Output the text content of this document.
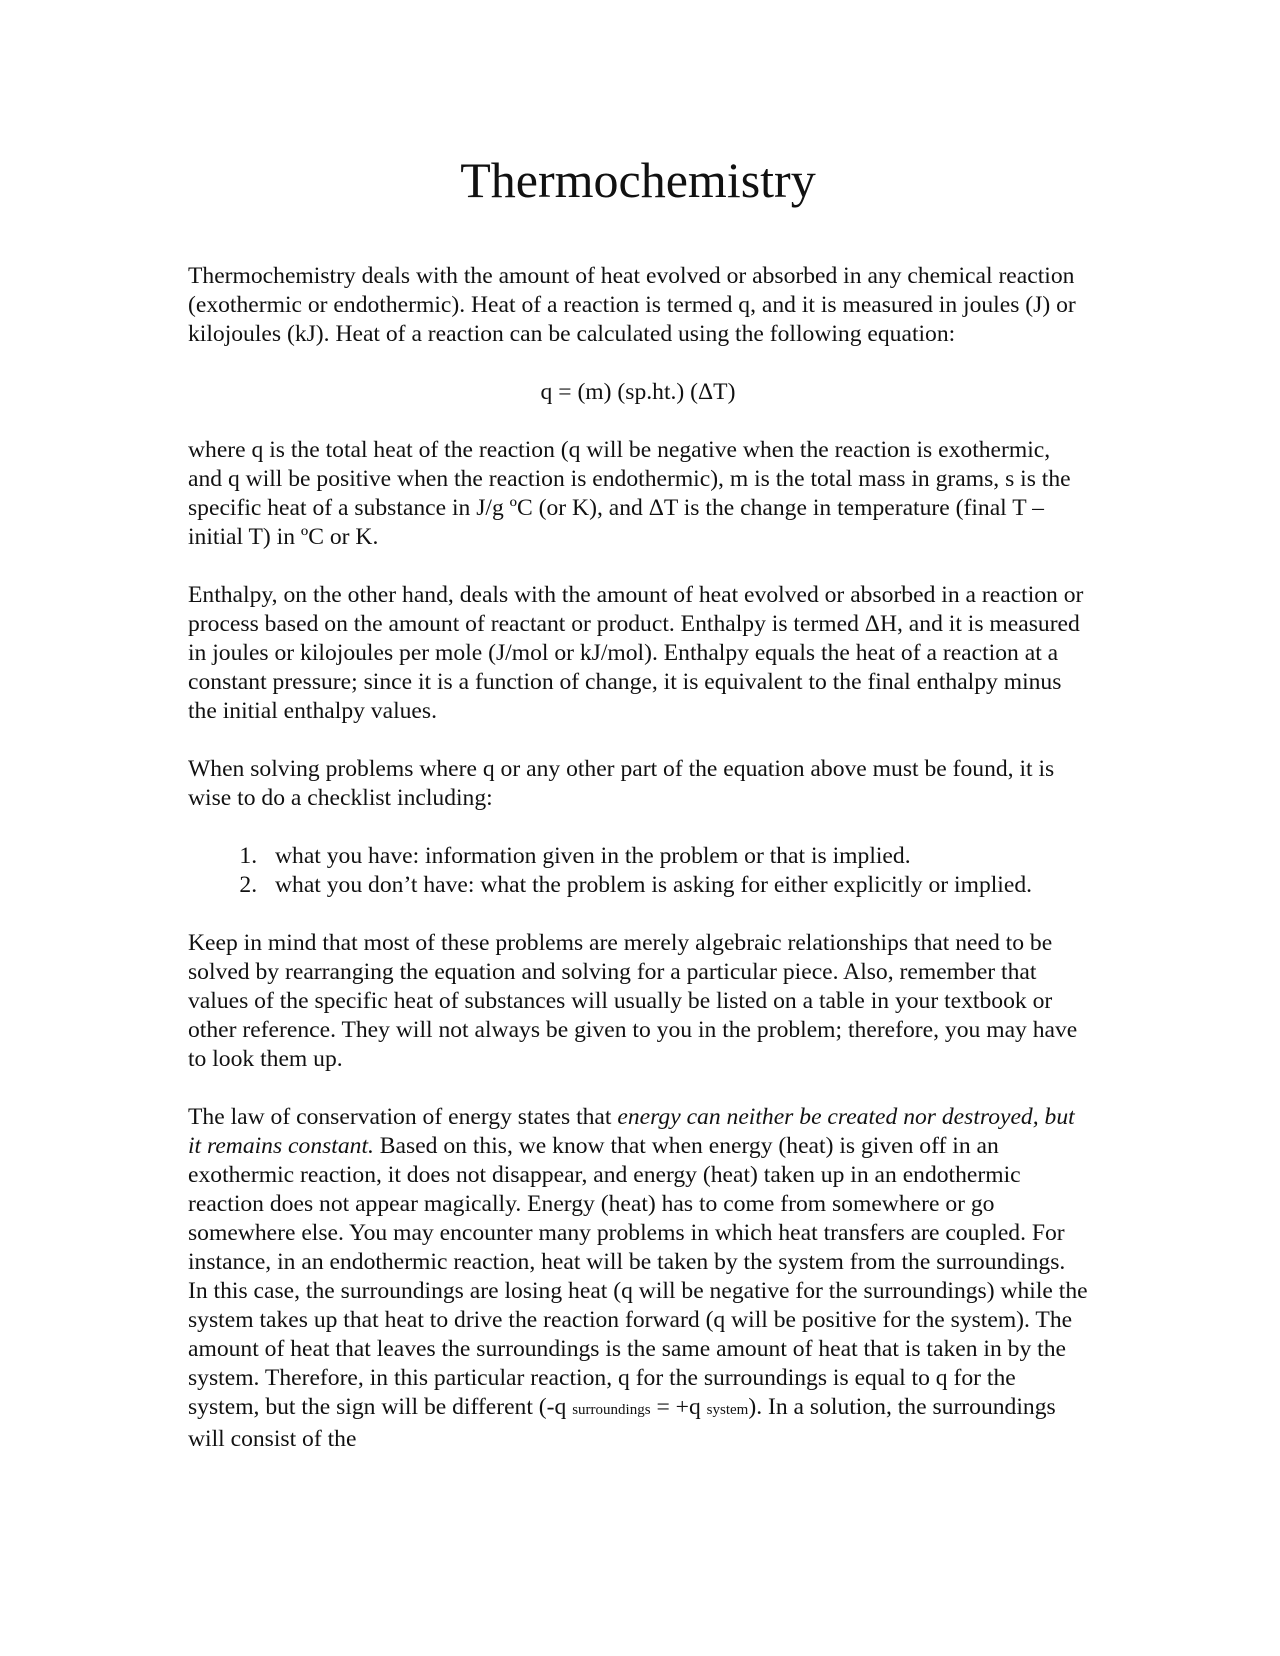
Thermochemistry

Thermochemistry deals with the amount of heat evolved or absorbed in any chemical reaction (exothermic or endothermic). Heat of a reaction is termed q, and it is measured in joules (J) or kilojoules (kJ). Heat of a reaction can be calculated using the following equation:

q = (m) (sp.ht.) (ΔT)

where q is the total heat of the reaction (q will be negative when the reaction is exothermic, and q will be positive when the reaction is endothermic), m is the total mass in grams, s is the specific heat of a substance in J/g ºC (or K), and ΔT is the change in temperature (final T – initial T) in ºC or K.

Enthalpy, on the other hand, deals with the amount of heat evolved or absorbed in a reaction or process based on the amount of reactant or product. Enthalpy is termed ΔH, and it is measured in joules or kilojoules per mole (J/mol or kJ/mol). Enthalpy equals the heat of a reaction at a constant pressure; since it is a function of change, it is equivalent to the final enthalpy minus the initial enthalpy values.

When solving problems where q or any other part of the equation above must be found, it is wise to do a checklist including:

1. what you have: information given in the problem or that is implied.
2. what you don’t have: what the problem is asking for either explicitly or implied.

Keep in mind that most of these problems are merely algebraic relationships that need to be solved by rearranging the equation and solving for a particular piece. Also, remember that values of the specific heat of substances will usually be listed on a table in your textbook or other reference. They will not always be given to you in the problem; therefore, you may have to look them up.

The law of conservation of energy states that energy can neither be created nor destroyed, but it remains constant. Based on this, we know that when energy (heat) is given off in an exothermic reaction, it does not disappear, and energy (heat) taken up in an endothermic reaction does not appear magically. Energy (heat) has to come from somewhere or go somewhere else. You may encounter many problems in which heat transfers are coupled. For instance, in an endothermic reaction, heat will be taken by the system from the surroundings. In this case, the surroundings are losing heat (q will be negative for the surroundings) while the system takes up that heat to drive the reaction forward (q will be positive for the system). The amount of heat that leaves the surroundings is the same amount of heat that is taken in by the system. Therefore, in this particular reaction, q for the surroundings is equal to q for the system, but the sign will be different (-q surroundings = +q system). In a solution, the surroundings will consist of the
